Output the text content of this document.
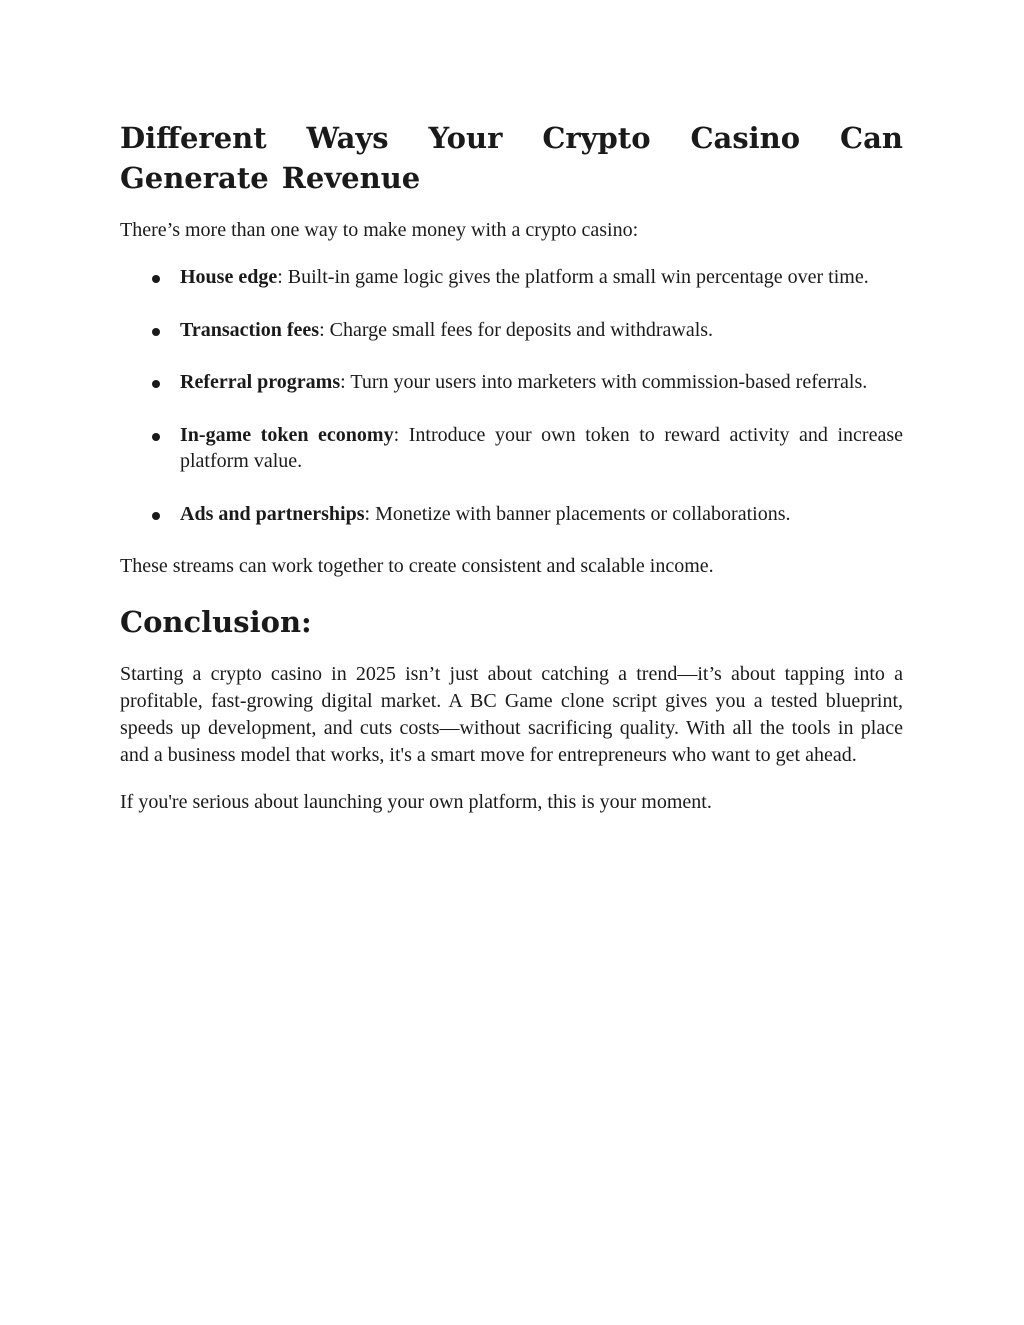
Different Ways Your Crypto Casino Can Generate Revenue

There’s more than one way to make money with a crypto casino:

House edge: Built-in game logic gives the platform a small win percentage over time.
Transaction fees: Charge small fees for deposits and withdrawals.
Referral programs: Turn your users into marketers with commission-based referrals.
In-game token economy: Introduce your own token to reward activity and increase platform value.
Ads and partnerships: Monetize with banner placements or collaborations.

These streams can work together to create consistent and scalable income.

Conclusion:

Starting a crypto casino in 2025 isn’t just about catching a trend—it’s about tapping into a profitable, fast-growing digital market. A BC Game clone script gives you a tested blueprint, speeds up development, and cuts costs—without sacrificing quality. With all the tools in place and a business model that works, it's a smart move for entrepreneurs who want to get ahead.

If you're serious about launching your own platform, this is your moment.
